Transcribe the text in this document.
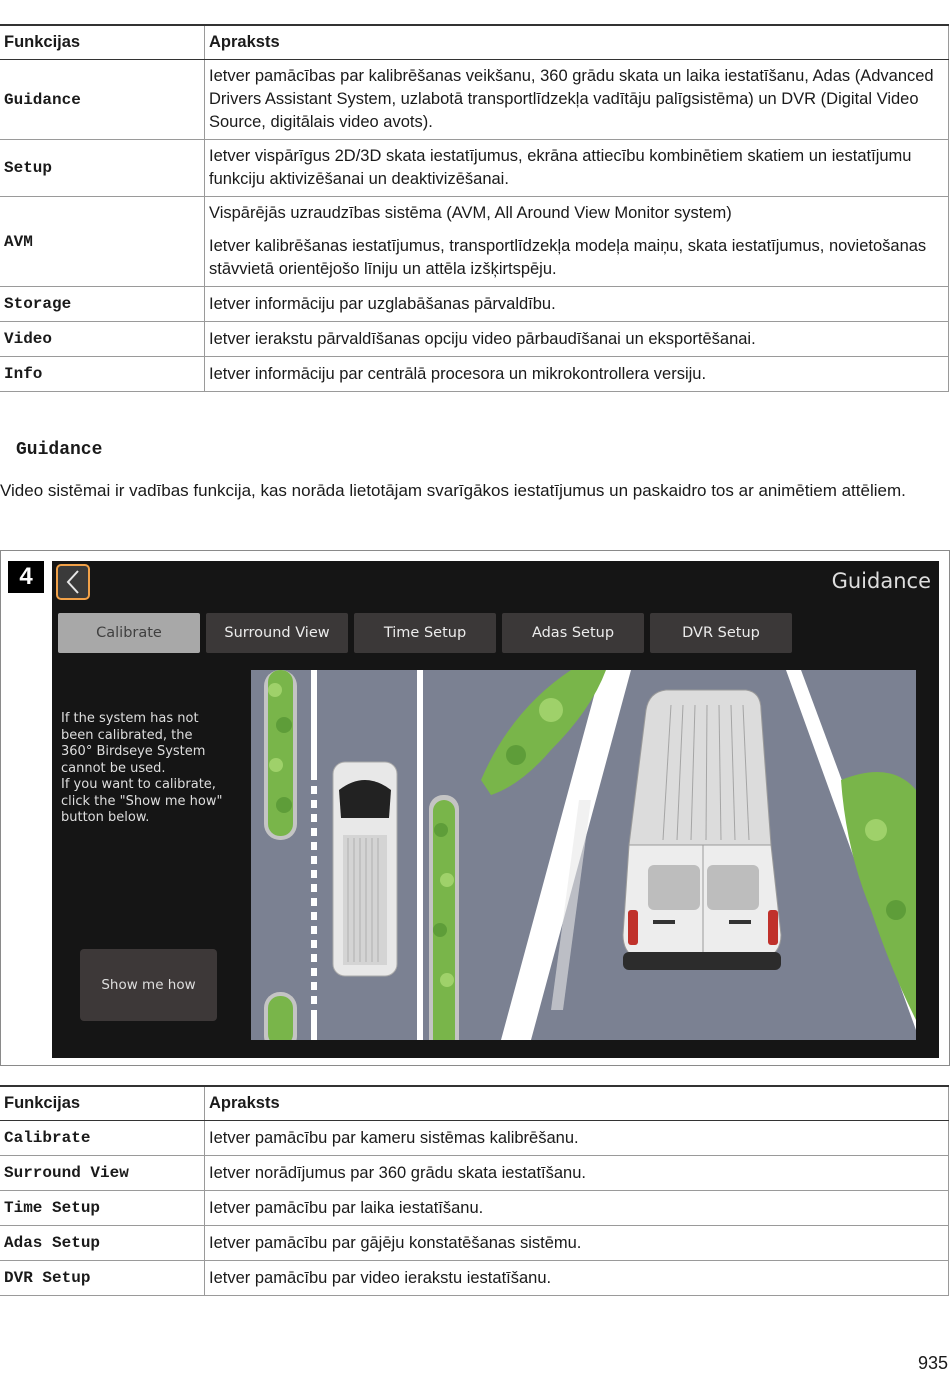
Funkcijas	Apraksts
Guidance	Ietver pamācības par kalibrēšanas veikšanu, 360 grādu skata un laika iestatīšanu, Adas (Advanced Drivers Assistant System, uzlabotā transportlīdzekļa vadītāju palīgsistēma) un DVR (Digital Video Source, digitālais video avots).

Setup	Ietver vispārīgus 2D/3D skata iestatījumus, ekrāna attiecību kombinētiem skatiem un iestatījumu funkciju aktivizēšanai un deaktivizēšanai.

AVM	Vispārējās uzraudzības sistēma (AVM, All Around View Monitor system)

Ietver kalibrēšanas iestatījumus, transportlīdzekļa modeļa maiņu, skata iestatījumus, novietošanas stāvvietā orientējošo līniju un attēla izšķirtspēju.

Storage	Ietver informāciju par uzglabāšanas pārvaldību.

Video	Ietver ierakstu pārvaldīšanas opciju video pārbaudīšanai un eksportēšanai.

Info	Ietver informāciju par centrālā procesora un mikrokontrollera versiju.

Guidance

Video sistēmai ir vadības funkcija, kas norāda lietotājam svarīgākos iestatījumus un paskaidro tos ar animētiem attēliem.

4	Guidance
Calibrate	Surround View	Time Setup	Adas Setup	DVR Setup
If the system has not
been calibrated, the
360° Birdseye System
cannot be used.
If you want to calibrate,
click the "Show me how"
button below.
Show me how
Funkcijas	Apraksts
Calibrate	Ietver pamācību par kameru sistēmas kalibrēšanu.

Surround View	Ietver norādījumus par 360 grādu skata iestatīšanu.

Time Setup	Ietver pamācību par laika iestatīšanu.

Adas Setup	Ietver pamācību par gājēju konstatēšanas sistēmu.

DVR Setup	Ietver pamācību par video ierakstu iestatīšanu.

935
